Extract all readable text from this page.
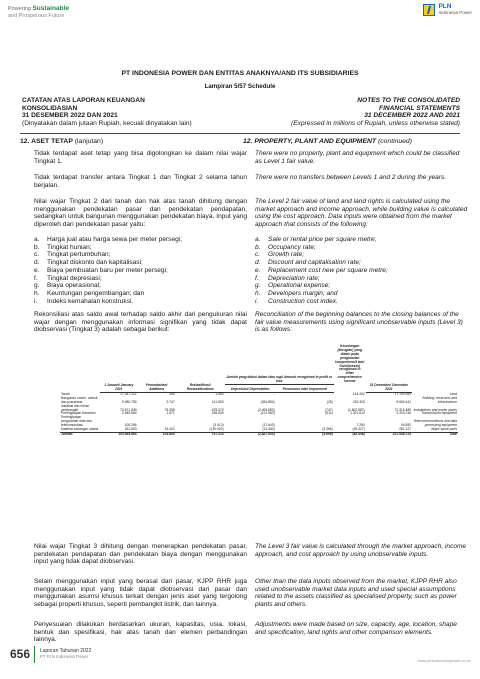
Powering Sustainable
and Prosperous Future
PLN
Indonesia Power
PT INDONESIA POWER DAN ENTITAS ANAKNYA/AND ITS SUBSIDIARIES
Lampiran 5/57 Schedule
CATATAN ATAS LAPORAN KEUANGAN
KONSOLIDASIAN
31 DESEMBER 2022 DAN 2021
(Dinyatakan dalam jutaan Rupiah, kecuali dinyatakan lain)
NOTES TO THE CONSOLIDATED
FINANCIAL STATEMENTS
31 DECEMBER 2022 AND 2021
(Expressed in millions of Rupiah, unless otherwise stated)
12. ASET TETAP (lanjutan)	12. PROPERTY, PLANT AND EQUIPMENT (continued)
Tidak terdapat aset tetap yang bisa digolongkan ke dalam nilai wajar Tingkat 1.
There were no property, plant and equipment which could be classified as Level 1 fair value.
Tidak terdapat transfer antara Tingkat 1 dan Tingkat 2 selama tahun berjalan.
There were no transfers between Levels 1 and 2 during the years.
Nilai wajar Tingkat 2 dari tanah dan hak atas tanah dihitung dengan menggunakan pendekatan pasar dan pendekatan pendapatan, sedangkan untuk bangunan menggunakan pendekatan biaya. Input yang diperoleh dari pendekatan pasar yaitu:
The Level 2 fair value of land and land rights is calculated using the market approach and income approach, while building value is calculated using the cost approach. Data inputs were obtained from the market approach that consists of the following:
a.	Harga jual atau harga sewa per meter persegi;
b.	Tingkat hunian;
c.	Tingkat pertumbuhan;
d.	Tingkat diskonto dan kapitalisasi;
e.	Biaya pembuatan baru per meter persegi;
f.	Tingkat depresiasi;
g.	Biaya operasional;
h.	Keuntungan pengembangan; dan
i.	Indeks kemahalan konstruksi.
a.	Sale or rental price per square metre;
b.	Occupancy rate;
c.	Growth rate;
d.	Discount and capitalisation rate;
e.	Replacement cost new per square metre;
f.	Depreciation rate;
g.	Operational expense;
h.	Developers margin; and
i.	Construction cost index.
Rekonsiliasi atas saldo awal terhadap saldo akhir dari pengukuran nilai wajar dengan menggunakan informasi signifikan yang tidak dapat diobservasi (Tingkat 3) adalah sebagai berikut:
Reconciliation of the beginning balances to the closing balances of the fair value measurements using significant unobservable inputs (Level 3) is as follows:
				Jumlah yang diakui dalam laba rugi/ Amount recognised in profit or loss		Keuntungan (kerugian) yang diakui pada penghasilan komprehensif lain/ Gain/(losses) recognised in other comprehensive income		
	1 Januari/ January 2021	Penambahan/ Additions	Reklasifikasi/ Reclassifications	Depresiasi/ Depreciation	Penurunan nilai/ Impairment		31 Desember/ December 2021	
Tanah	17.047.312	265	1.960	-	-	144.402	17.193.959	Land
Bangunan umum, waduk dan prasarana	9.080.759	9.747	141.553	(264.854)	(25)	315.303	9.660.441	Building, reservoirs and infrastructure
Instalasi dan mesin pembangkit	70.671.839	78.398	678.579	(2.409.583)	(747)	(1.802.587)	72.315.489	Installations and power plants
Perlengkapan transmisi	2.945.884	1.871	156.839	(121.960)	(911)	1.321.610	4.303.216	Transmission equipment
Perlengkapan pengolahan data dan telekomunikasi	109.266	-	(3.413)	(17.643)	-	7.260	94.892	Telecommunications and data processing equipment
Material cadangan utama	431.803	16.402	(130.902)	(13.483)	(3.366)	(49.327)	251.127	Major spare parts
Jumlah	103.093.863	103.853	747.213	(2.827.923)	(5.659)	(62.446)	101.548.723	Total
Nilai wajar Tingkat 3 dihitung dengan menerapkan pendekatan pasar, pendekatan pendapatan dan pendekatan biaya dengan menggunakan input yang tidak dapat diobservasi.
The Level 3 fair value is calculated through the market approach, income approach, and cost approach by using unobservable inputs.
Selain menggunakan input yang berasal dari pasar, KJPP RHR juga menggunakan input yang tidak dapat diobservasi dari pasar dan menggunakan asumsi khusus terkait dengan jenis aset yang tergolong sebagai properti khusus, seperti pembangkit listrik, dan lainnya.
Other than the data inputs observed from the market, KJPP RHR also used unobservable market data inputs and used special assumptions related to the assets classified as specialised property, such as power plants and others.
Penyesuaian dilakukan berdasarkan ukuran, kapasitas, usia, lokasi, bentuk dan spesifikasi, hak atas tanah dan elemen perbandingan lainnya.
Adjustments were made based on size, capacity, age, location, shape and specification, land rights and other comparison elements.
656 Laporan Tahunan 2022
PT PLN Indonesia Power
www.plnindonesiapower.co.id
